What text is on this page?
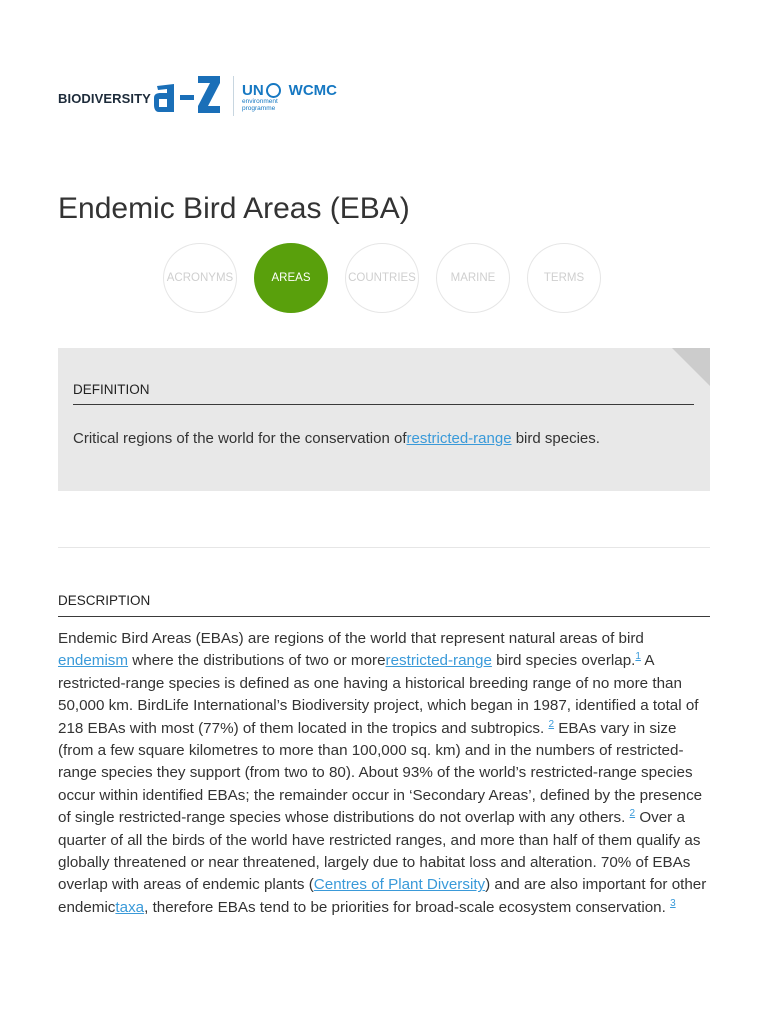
BIODIVERSITY	UN WCMC
environment
programme
Endemic Bird Areas (EBA)
ACRONYMS	AREAS	COUNTRIES	MARINE	TERMS
DEFINITION
Critical regions of the world for the conservation ofrestricted-range bird species.
DESCRIPTION
Endemic Bird Areas (EBAs) are regions of the world that represent natural areas of bird endemism where the distributions of two or morerestricted-range bird species overlap.$^1$ A restricted-range species is defined as one having a historical breeding range of no more than 50,000 km. BirdLife International’s Biodiversity project, which began in 1987, identified a total of 218 EBAs with most (77%) of them located in the tropics and subtropics. $^2$ EBAs vary in size (from a few square kilometres to more than 100,000 sq. km) and in the numbers of restricted-range species they support (from two to 80). About 93% of the world’s restricted-range species occur within identified EBAs; the remainder occur in ‘Secondary Areas’, defined by the presence of single restricted-range species whose distributions do not overlap with any others. $^2$ Over a quarter of all the birds of the world have restricted ranges, and more than half of them qualify as globally threatened or near threatened, largely due to habitat loss and alteration. 70% of EBAs overlap with areas of endemic plants (Centres of Plant Diversity) and are also important for other endemictaxa, therefore EBAs tend to be priorities for broad-scale ecosystem conservation. $^3$
